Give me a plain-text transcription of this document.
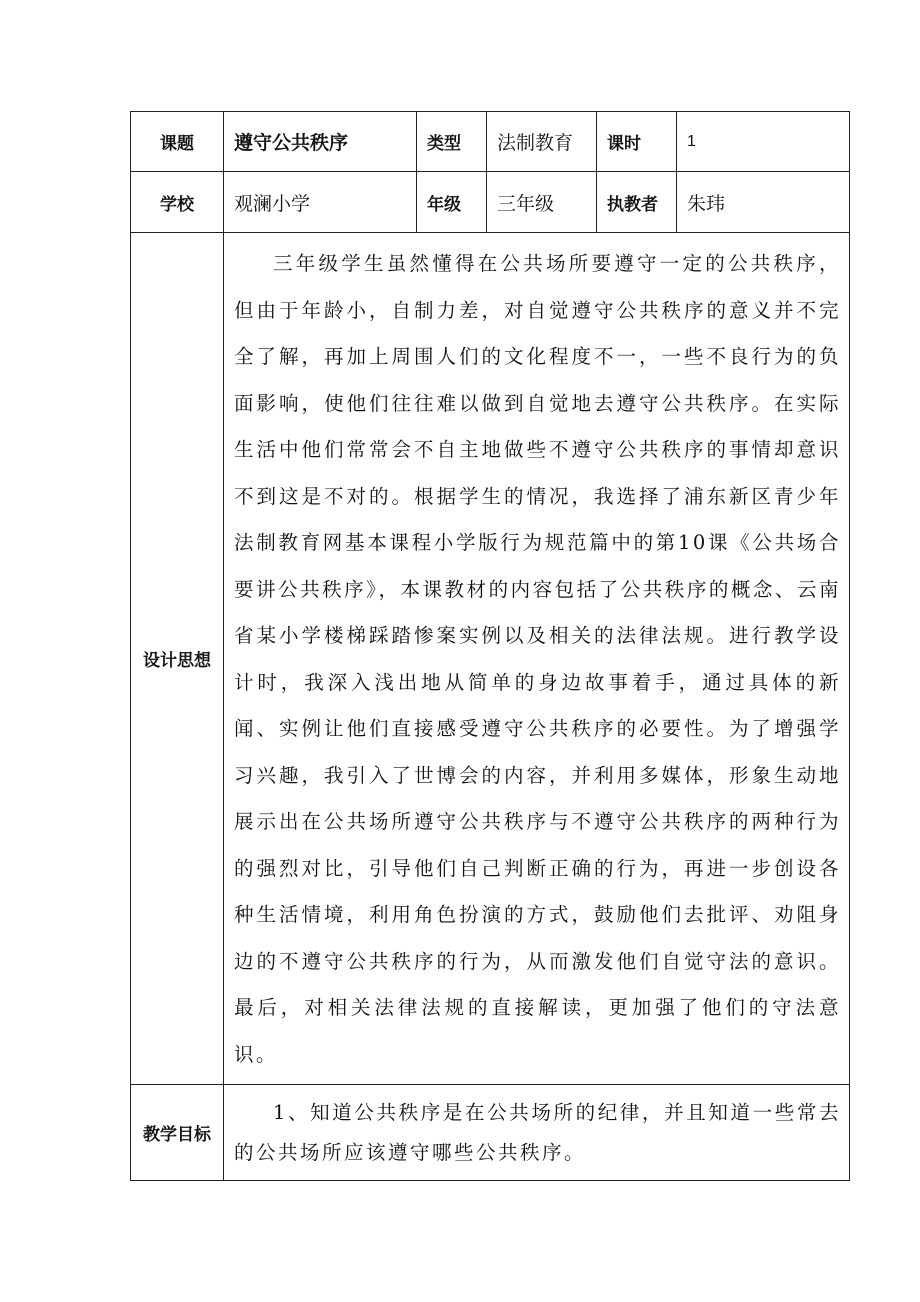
课题	遵守公共秩序	类型	法制教育	课时	1
学校	观澜小学	年级	三年级	执教者	朱玮
设计思想	三年级学生虽然懂得在公共场所要遵守一定的公共秩序，但由于年龄小，自制力差，对自觉遵守公共秩序的意义并不完全了解，再加上周围人们的文化程度不一，一些不良行为的负面影响，使他们往往难以做到自觉地去遵守公共秩序。在实际生活中他们常常会不自主地做些不遵守公共秩序的事情却意识不到这是不对的。根据学生的情况，我选择了浦东新区青少年法制教育网基本课程小学版行为规范篇中的第10课《公共场合要讲公共秩序》，本课教材的内容包括了公共秩序的概念、云南省某小学楼梯踩踏惨案实例以及相关的法律法规。进行教学设计时，我深入浅出地从简单的身边故事着手，通过具体的新闻、实例让他们直接感受遵守公共秩序的必要性。为了增强学习兴趣，我引入了世博会的内容，并利用多媒体，形象生动地展示出在公共场所遵守公共秩序与不遵守公共秩序的两种行为的强烈对比，引导他们自己判断正确的行为，再进一步创设各种生活情境，利用角色扮演的方式，鼓励他们去批评、劝阻身边的不遵守公共秩序的行为，从而激发他们自觉守法的意识。最后，对相关法律法规的直接解读，更加强了他们的守法意识。				
教学目标	1、知道公共秩序是在公共场所的纪律，并且知道一些常去的公共场所应该遵守哪些公共秩序。				
